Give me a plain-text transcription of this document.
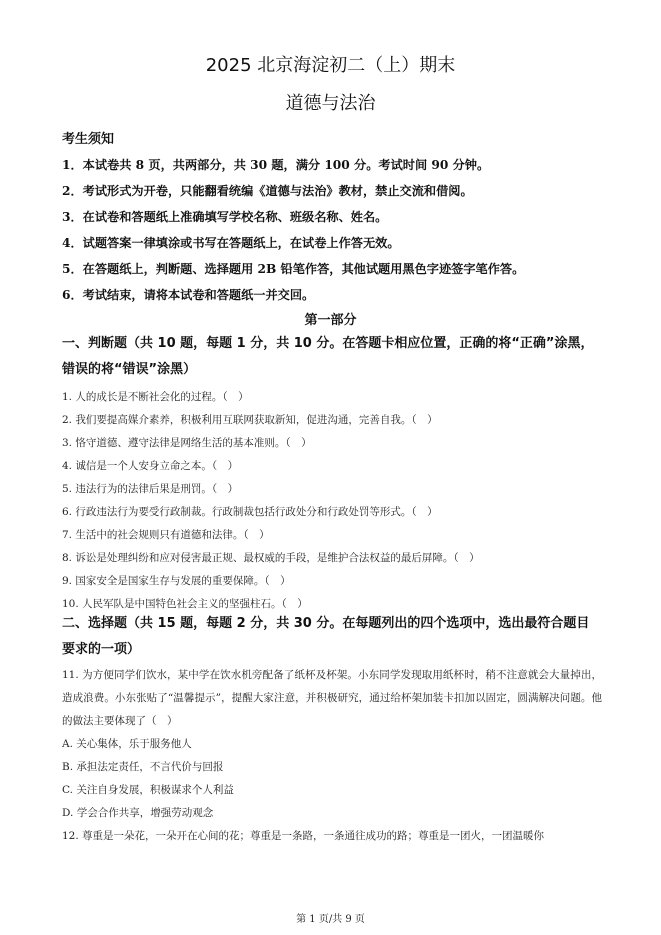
2025 北京海淀初二（上）期末
道德与法治
考生须知
1．本试卷共 8 页，共两部分，共 30 题，满分 100 分。考试时间 90 分钟。
2．考试形式为开卷，只能翻看统编《道德与法治》教材，禁止交流和借阅。
3．在试卷和答题纸上准确填写学校名称、班级名称、姓名。
4．试题答案一律填涂或书写在答题纸上，在试卷上作答无效。
5．在答题纸上，判断题、选择题用 2B 铅笔作答，其他试题用黑色字迹签字笔作答。
6．考试结束，请将本试卷和答题纸一并交回。
第一部分
一、判断题（共 10 题，每题 1 分，共 10 分。在答题卡相应位置，正确的将“正确”涂黑，错误的将“错误”涂黑）
1. 人的成长是不断社会化的过程。（　）
2. 我们要提高媒介素养，积极利用互联网获取新知，促进沟通，完善自我。（　）
3. 恪守道德、遵守法律是网络生活的基本准则。（　）
4. 诚信是一个人安身立命之本。（　）
5. 违法行为的法律后果是刑罚。（　）
6. 行政违法行为要受行政制裁。行政制裁包括行政处分和行政处罚等形式。（　）
7. 生活中的社会规则只有道德和法律。（　）
8. 诉讼是处理纠纷和应对侵害最正规、最权威的手段，是维护合法权益的最后屏障。（　）
9. 国家安全是国家生存与发展的重要保障。（　）
10. 人民军队是中国特色社会主义的坚强柱石。（　）
二、选择题（共 15 题，每题 2 分，共 30 分。在每题列出的四个选项中，选出最符合题目要求的一项）
11. 为方便同学们饮水，某中学在饮水机旁配备了纸杯及杯架。小东同学发现取用纸杯时，稍不注意就会大量掉出，造成浪费。小东张贴了“温馨提示”，提醒大家注意，并积极研究，通过给杯架加装卡扣加以固定，圆满解决问题。他的做法主要体现了（　）
A. 关心集体，乐于服务他人
B. 承担法定责任，不言代价与回报
C. 关注自身发展，积极谋求个人利益
D. 学会合作共享，增强劳动观念
12. 尊重是一朵花，一朵开在心间的花；尊重是一条路，一条通往成功的路；尊重是一团火，一团温暖你
第 1 页/共 9 页
